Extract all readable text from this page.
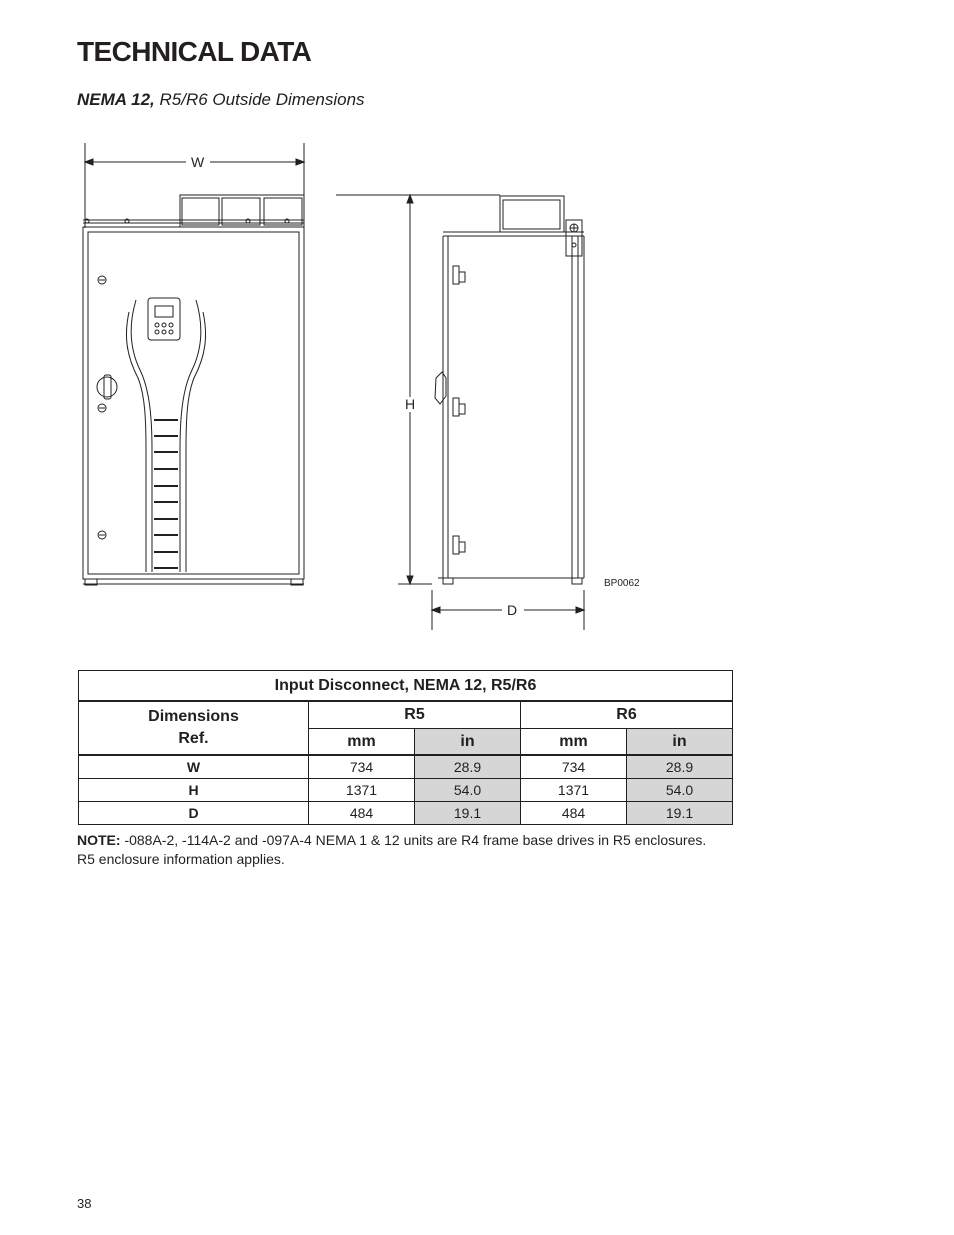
TECHNICAL DATA
NEMA 12, R5/R6 Outside Dimensions
W
H
D
BP0062
Input Disconnect, NEMA 12, R5/R6				
Dimensions
Ref.	R5		R6	
	mm	in	mm	in
W	734	28.9	734	28.9
H	1371	54.0	1371	54.0
D	484	19.1	484	19.1
NOTE: -088A-2, -114A-2 and -097A-4 NEMA 1 & 12 units are R4 frame base drives in R5 enclosures.
R5 enclosure information applies.
38
